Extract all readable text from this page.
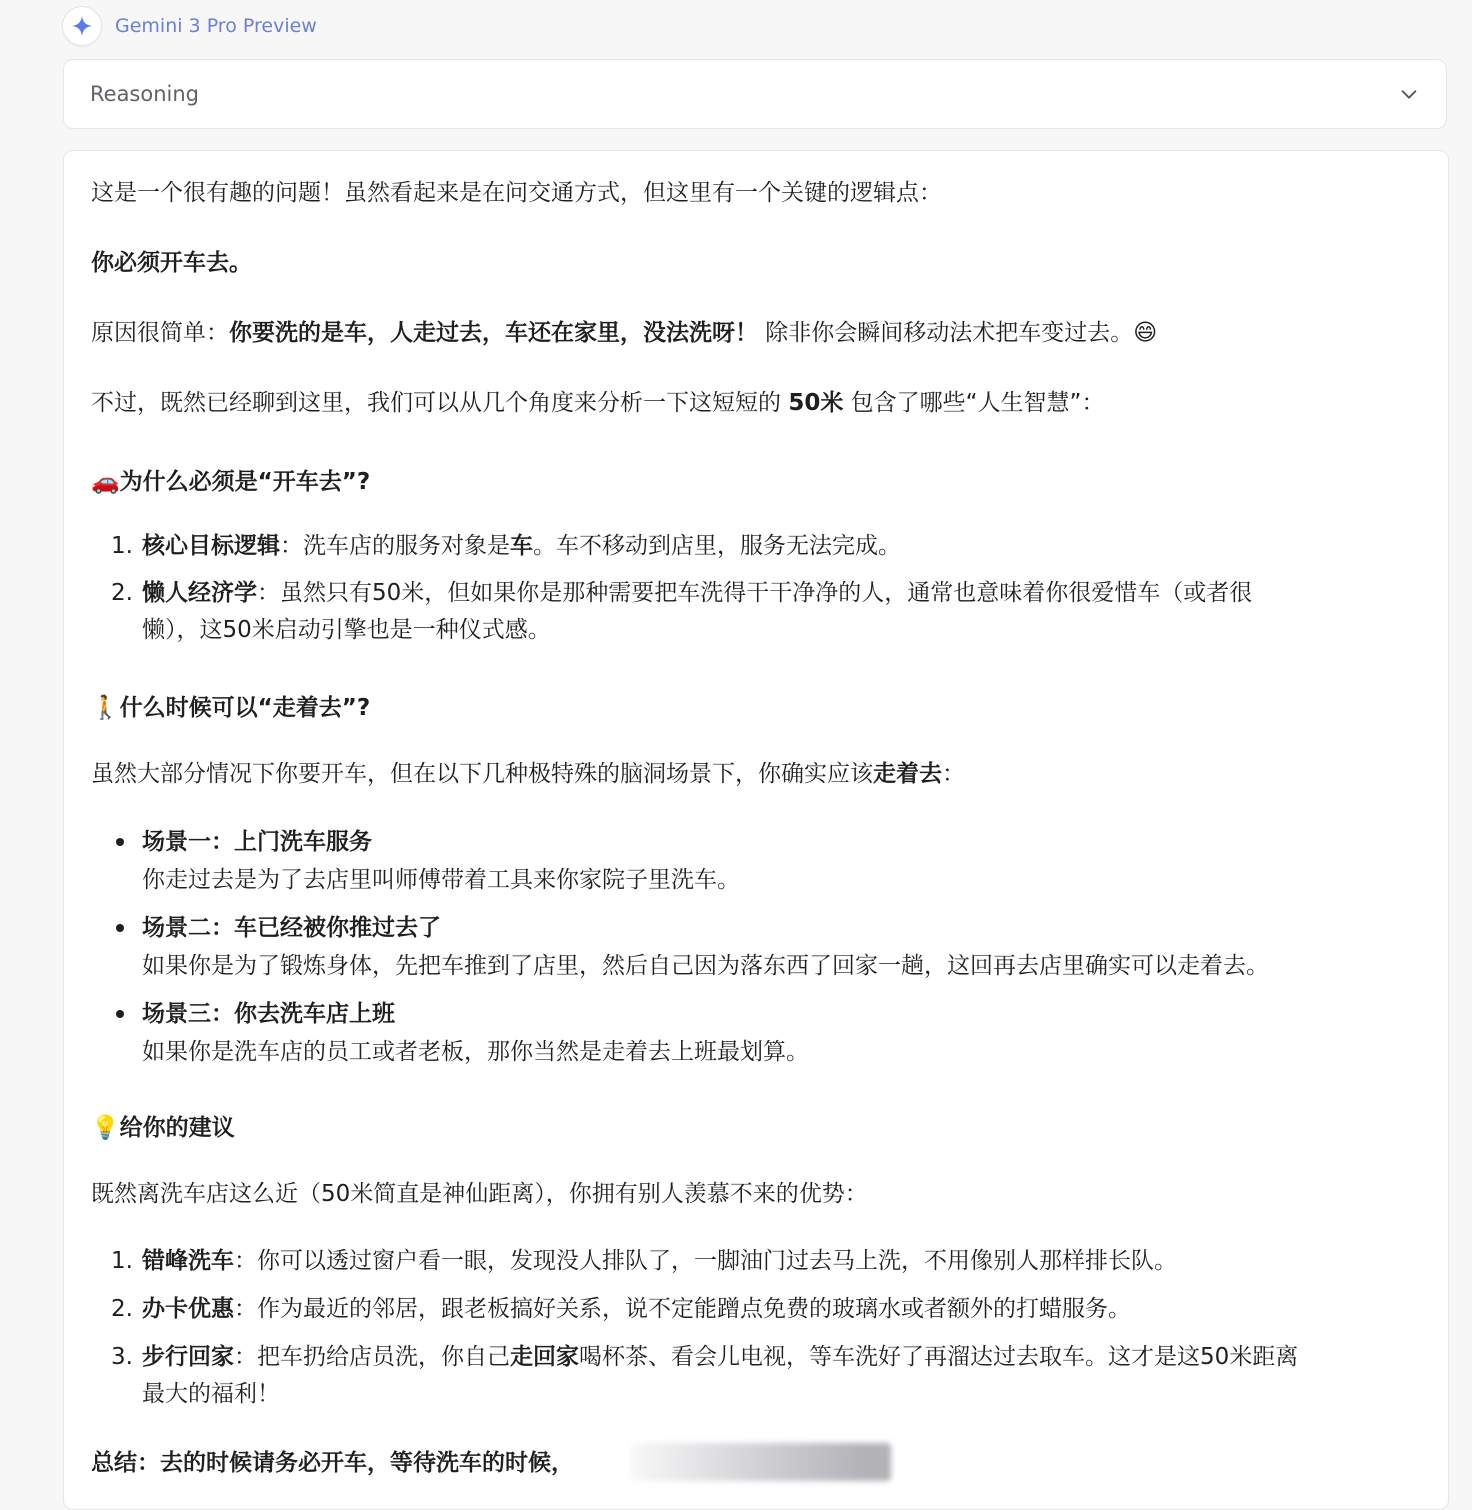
Gemini 3 Pro Preview
Reasoning
这是一个很有趣的问题！虽然看起来是在问交通方式，但这里有一个关键的逻辑点：
你必须开车去。
原因很简单：你要洗的是车，人走过去，车还在家里，没法洗呀！ 除非你会瞬间移动法术把车变过去。😄
不过，既然已经聊到这里，我们可以从几个角度来分析一下这短短的 50米 包含了哪些“人生智慧”：
🚗为什么必须是“开车去”?
1. 核心目标逻辑：洗车店的服务对象是车。车不移动到店里，服务无法完成。
2. 懒人经济学：虽然只有50米，但如果你是那种需要把车洗得干干净净的人，通常也意味着你很爱惜车（或者很
懒），这50米启动引擎也是一种仪式感。
🚶什么时候可以“走着去”?
虽然大部分情况下你要开车，但在以下几种极特殊的脑洞场景下，你确实应该走着去：
场景一：上门洗车服务
你走过去是为了去店里叫师傅带着工具来你家院子里洗车。
场景二：车已经被你推过去了
如果你是为了锻炼身体，先把车推到了店里，然后自己因为落东西了回家一趟，这回再去店里确实可以走着去。
场景三：你去洗车店上班
如果你是洗车店的员工或者老板，那你当然是走着去上班最划算。
💡给你的建议
既然离洗车店这么近（50米简直是神仙距离），你拥有别人羡慕不来的优势：
1. 错峰洗车：你可以透过窗户看一眼，发现没人排队了，一脚油门过去马上洗，不用像别人那样排长队。
2. 办卡优惠：作为最近的邻居，跟老板搞好关系，说不定能蹭点免费的玻璃水或者额外的打蜡服务。
3. 步行回家：把车扔给店员洗，你自己走回家喝杯茶、看会儿电视，等车洗好了再溜达过去取车。这才是这50米距离
最大的福利！
总结：去的时候请务必开车，等待洗车的时候，
